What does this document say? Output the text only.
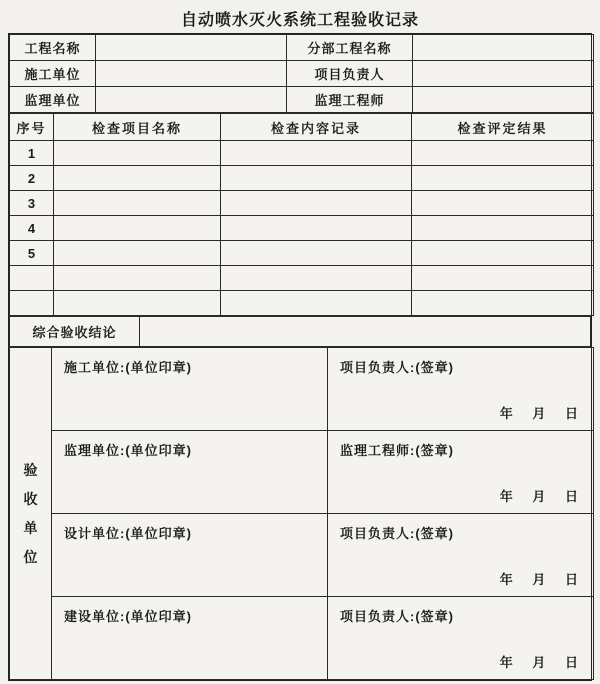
自动喷水灭火系统工程验收记录
工程名称		分部工程名称	
施工单位		项目负责人	
监理单位		监理工程师	
序号	检查项目名称	检查内容记录	检查评定结果
1			
2			
3			
4			
5			

综合验收结论	
验收单位	施工单位:(单位印章)	项目负责人:(签章)
年 月 日

	监理单位:(单位印章)	监理工程师:(签章)
年 月 日

	设计单位:(单位印章)	项目负责人:(签章)
年 月 日

	建设单位:(单位印章)	项目负责人:(签章)
年 月 日
